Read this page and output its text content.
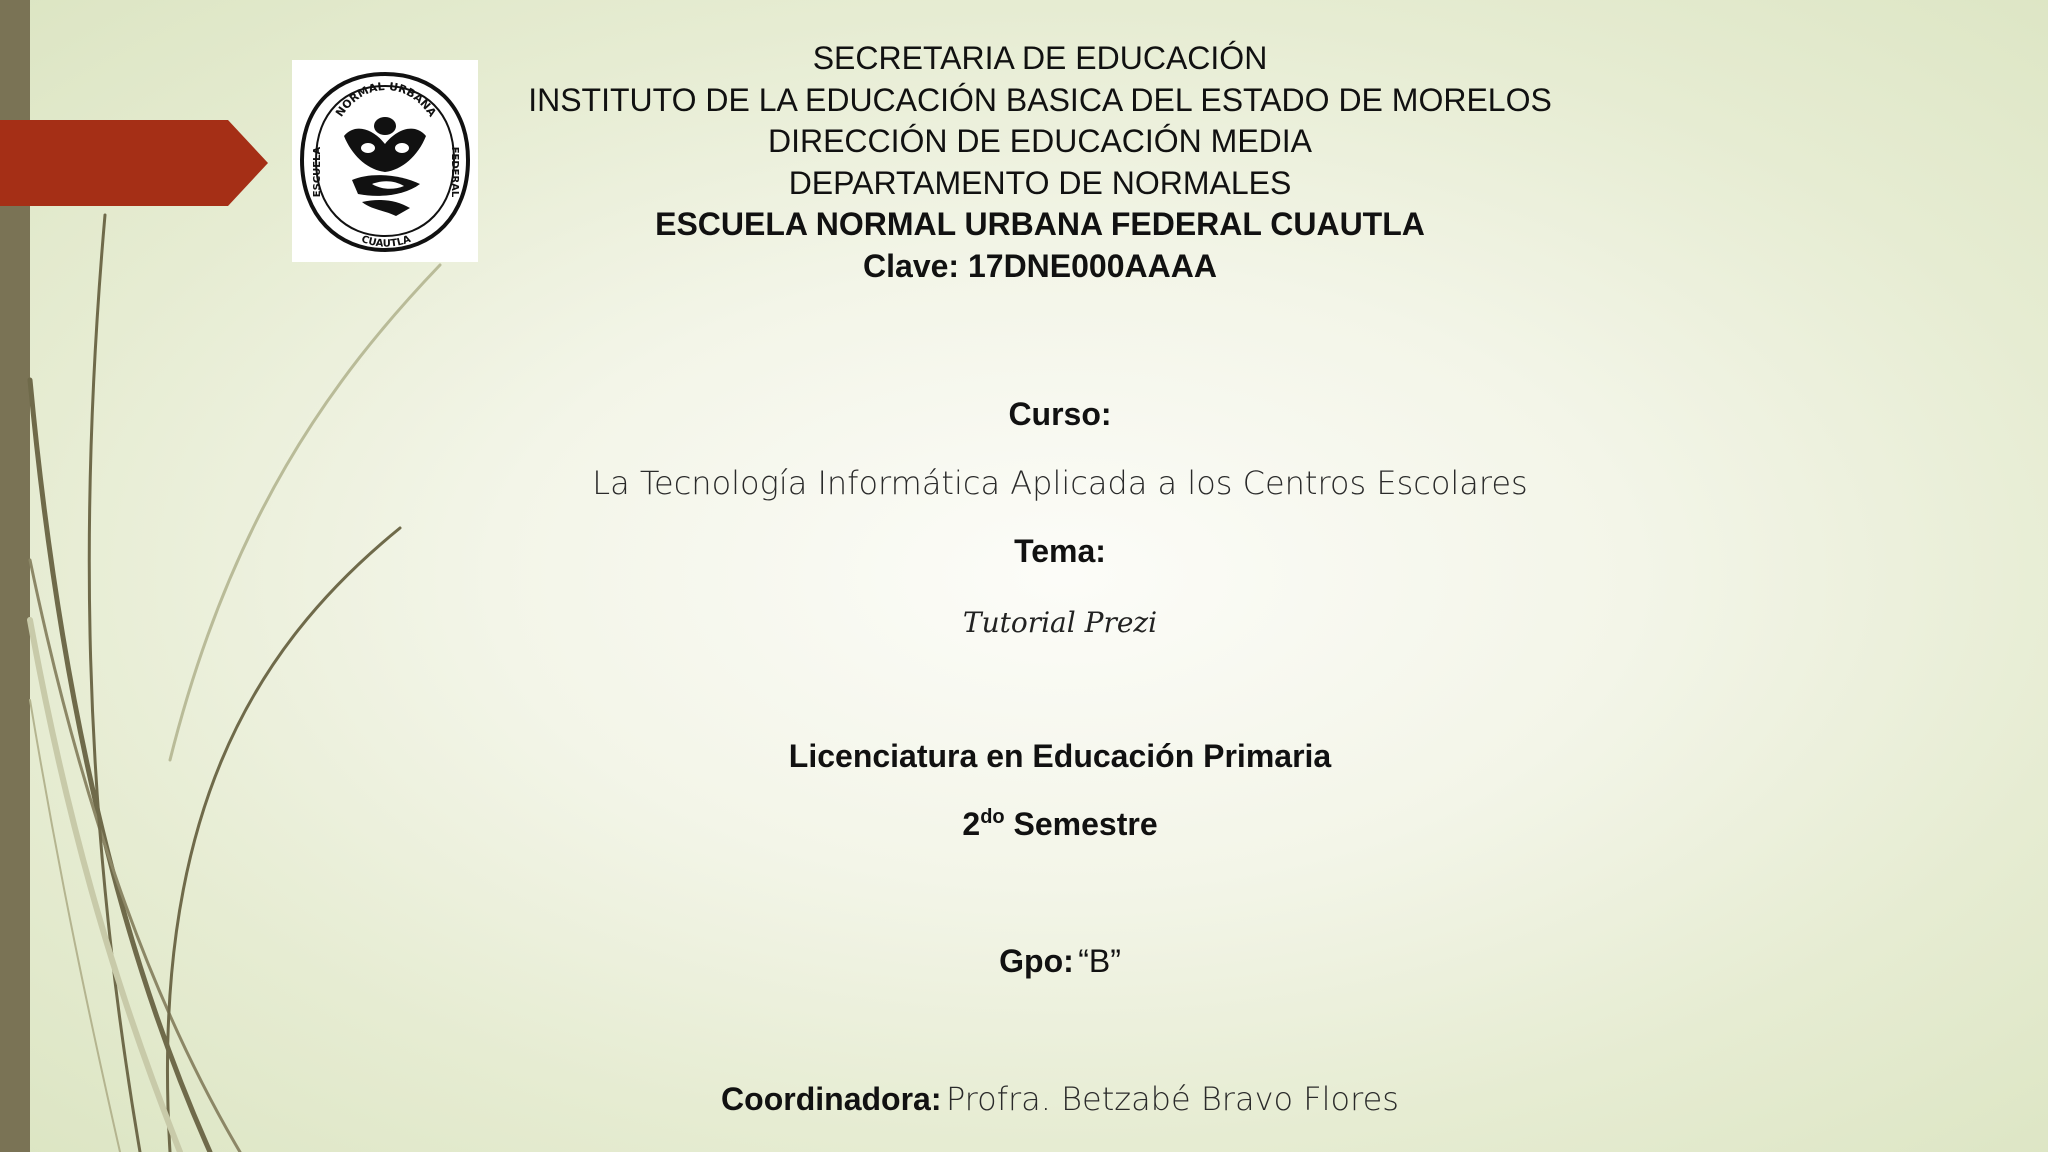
NORMAL URBANA
CUAUTLA
FEDERAL
ESCUELA
SECRETARIA DE EDUCACIÓN
INSTITUTO DE LA EDUCACIÓN BASICA DEL ESTADO DE MORELOS
DIRECCIÓN DE EDUCACIÓN MEDIA
DEPARTAMENTO DE NORMALES
ESCUELA NORMAL URBANA FEDERAL CUAUTLA
Clave: 17DNE000AAAA
Curso:
La Tecnología Informática Aplicada a los Centros Escolares
Tema:
Tutorial Prezi
Licenciatura en Educación Primaria
$2^{do}$ Semestre
Gpo: “B”
Coordinadora: Profra. Betzabé Bravo Flores
